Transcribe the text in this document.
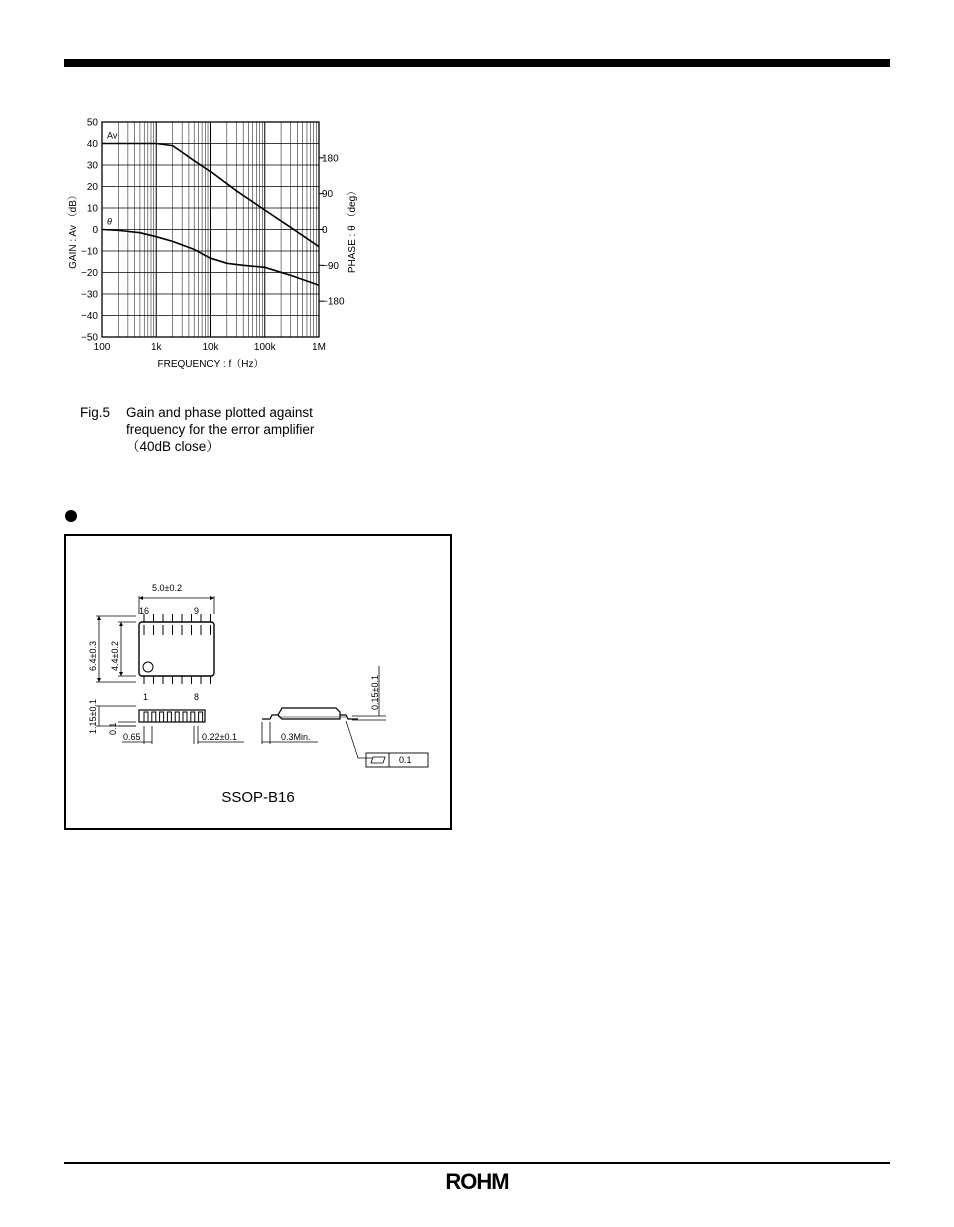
50
40
30
20
10
0
−10
−20
−30
−40
−50
180
90
0
−90
−180
100	1k	10k	100k	1M
FREQUENCY : f（Hz）
GAIN : Av （dB）	PHASE : θ （deg）
Av
θ
Fig.5 Gain and phase plotted against
frequency for the error amplifier
（40dB close）
5.0±0.2
16	9
1	8
6.4±0.3 4.4±0.2
1.15±0.1 0.1
0.65	0.22±0.1	0.3Min.
0.15±0.1
0.1
SSOP-B16
ROHM
